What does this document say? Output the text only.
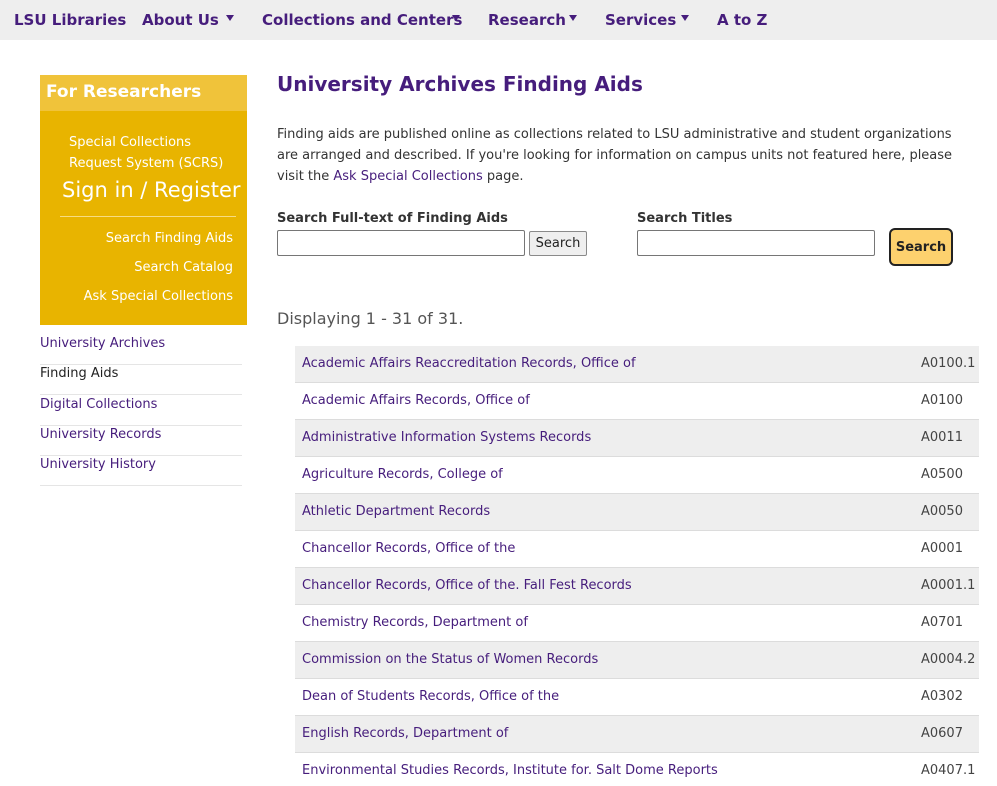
LSU Libraries About Us	Collections and Centers Research	Services	A to Z
For Researchers
Special Collections Request System (SCRS)
Sign in / Register
Search Finding Aids
Search Catalog
Ask Special Collections
University Archives
Finding Aids
Digital Collections
University Records
University History
University Archives Finding Aids
Finding aids are published online as collections related to LSU administrative and student organizations are arranged and described. If you're looking for information on campus units not featured here, please visit the Ask Special Collections page.
Search Full-text of Finding Aids
Search
Search Titles
Search
Displaying 1 - 31 of 31.
Academic Affairs Reaccreditation Records, Office of	A0100.1
Academic Affairs Records, Office of	A0100
Administrative Information Systems Records	A0011
Agriculture Records, College of	A0500
Athletic Department Records	A0050
Chancellor Records, Office of the	A0001
Chancellor Records, Office of the. Fall Fest Records	A0001.1
Chemistry Records, Department of	A0701
Commission on the Status of Women Records	A0004.2
Dean of Students Records, Office of the	A0302
English Records, Department of	A0607
Environmental Studies Records, Institute for. Salt Dome Reports	A0407.1
